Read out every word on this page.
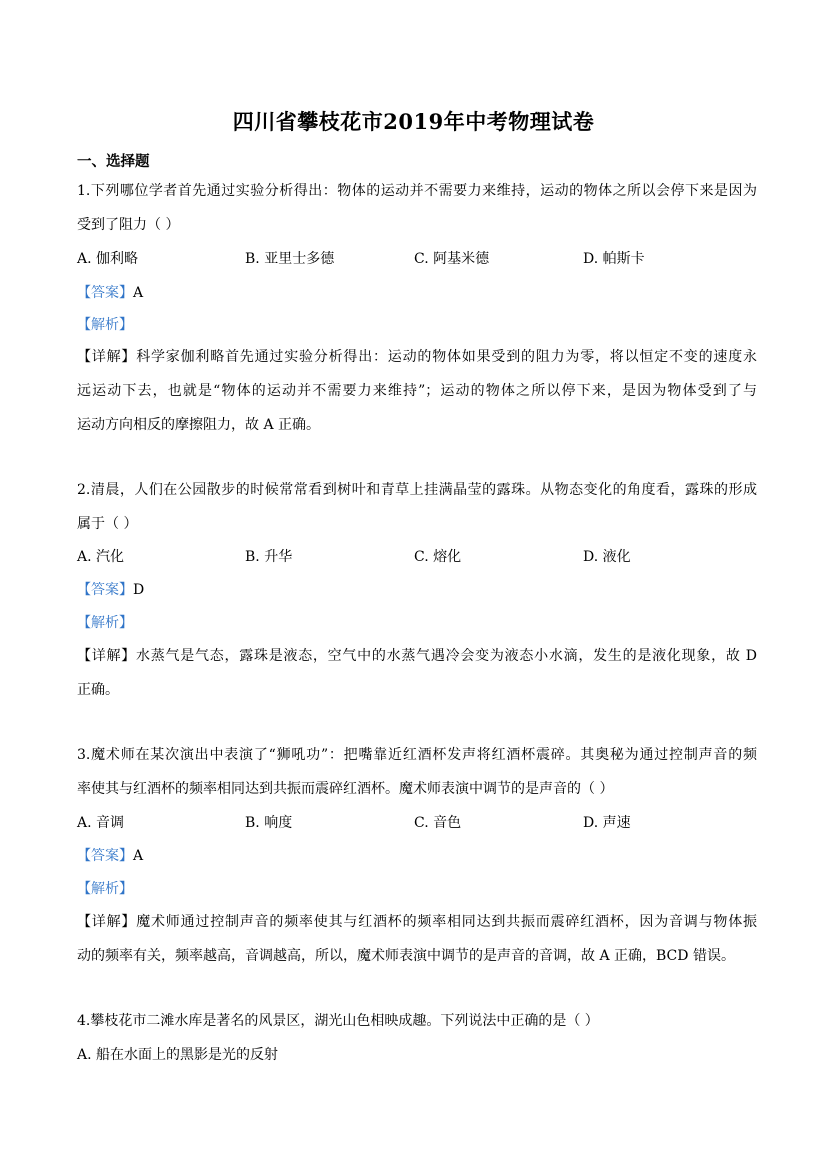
四川省攀枝花市2019年中考物理试卷
一、选择题
1.下列哪位学者首先通过实验分析得出：物体的运动并不需要力来维持，运动的物体之所以会停下来是因为
受到了阻力（ ）
A. 伽利略	B. 亚里士多德	C. 阿基米德	D. 帕斯卡
【答案】A
【解析】
【详解】科学家伽利略首先通过实验分析得出：运动的物体如果受到的阻力为零，将以恒定不变的速度永
远运动下去，也就是“物体的运动并不需要力来维持”；运动的物体之所以停下来，是因为物体受到了与
运动方向相反的摩擦阻力，故 A 正确。
2.清晨，人们在公园散步的时候常常看到树叶和青草上挂满晶莹的露珠。从物态变化的角度看，露珠的形成
属于（ ）
A. 汽化	B. 升华	C. 熔化	D. 液化
【答案】D
【解析】
【详解】水蒸气是气态，露珠是液态，空气中的水蒸气遇冷会变为液态小水滴，发生的是液化现象，故 D
正确。
3.魔术师在某次演出中表演了“狮吼功”：把嘴靠近红酒杯发声将红酒杯震碎。其奥秘为通过控制声音的频
率使其与红酒杯的频率相同达到共振而震碎红酒杯。魔术师表演中调节的是声音的（ ）
A. 音调	B. 响度	C. 音色	D. 声速
【答案】A
【解析】
【详解】魔术师通过控制声音的频率使其与红酒杯的频率相同达到共振而震碎红酒杯，因为音调与物体振
动的频率有关，频率越高，音调越高，所以，魔术师表演中调节的是声音的音调，故 A 正确，BCD 错误。
4.攀枝花市二滩水库是著名的风景区，湖光山色相映成趣。下列说法中正确的是（ ）
A. 船在水面上的黑影是光的反射
